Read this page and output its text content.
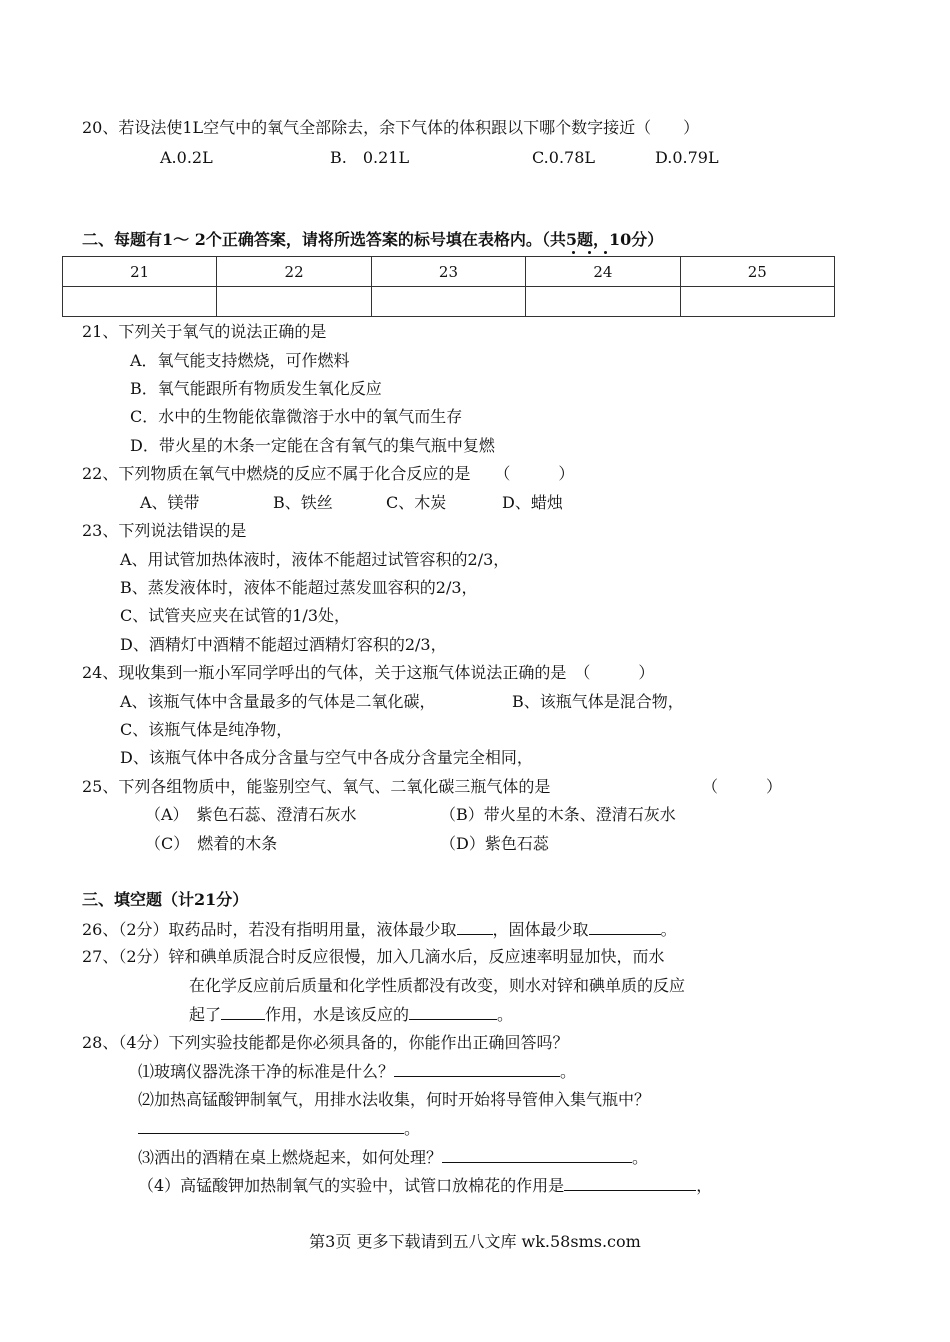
20、若设法使1L空气中的氧气全部除去，余下气体的体积跟以下哪个数字接近（　　）
A.0.2L	B.　0.21L	C.0.78L	D.0.79L
二、每题有1～ 2个正确答案，请将所选答案的标号填在表格内。（共5题，10分）
21	22	23	24	25

21、下列关于氧气的说法正确的是
A．氧气能支持燃烧，可作燃料
B．氧气能跟所有物质发生氧化反应
C．水中的生物能依靠微溶于水中的氧气而生存
D．带火星的木条一定能在含有氧气的集气瓶中复燃
22、下列物质在氧气中燃烧的反应不属于化合反应的是　　（　　　）
A、镁带	B、铁丝	C、木炭	D、蜡烛
23、下列说法错误的是
A、用试管加热体液时，液体不能超过试管容积的2/3，
B、蒸发液体时，液体不能超过蒸发皿容积的2/3，
C、试管夹应夹在试管的1/3处，
D、酒精灯中酒精不能超过酒精灯容积的2/3，
24、现收集到一瓶小军同学呼出的气体，关于这瓶气体说法正确的是　（　　　）
A、该瓶气体中含量最多的气体是二氧化碳，	B、该瓶气体是混合物，
C、该瓶气体是纯净物，
D、该瓶气体中各成分含量与空气中各成分含量完全相同，
25、下列各组物质中，能鉴别空气、氧气、二氧化碳三瓶气体的是	（　　　）
（A）　紫色石蕊、澄清石灰水	（B）带火星的木条、澄清石灰水
（C）　燃着的木条	（D）紫色石蕊
三、填空题（计21分）
26、（2分）取药品时，若没有指明用量，液体最少取 ，固体最少取	。
27、（2分）锌和碘单质混合时反应很慢，加入几滴水后，反应速率明显加快，而水
在化学反应前后质量和化学性质都没有改变，则水对锌和碘单质的反应
起了	作用，水是该反应的	。
28、（4分）下列实验技能都是你必须具备的，你能作出正确回答吗？
⑴玻璃仪器洗涤干净的标准是什么？	。
⑵加热高锰酸钾制氧气，用排水法收集，何时开始将导管伸入集气瓶中？
。
⑶洒出的酒精在桌上燃烧起来，如何处理？	。
（4）高锰酸钾加热制氧气的实验中，试管口放棉花的作用是	，
第3页 更多下载请到五八文库 wk.58sms.com
